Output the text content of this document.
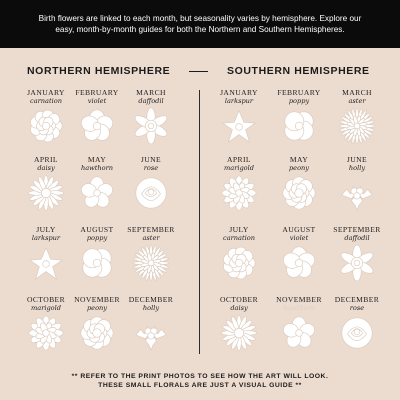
Birth flowers are linked to each month, but seasonality varies by hemisphere. Explore our easy, month-by-month guides for both the Northern and Southern Hemispheres.

NORTHERN HEMISPHERE	SOUTHERN HEMISPHERE
JANUARY
carnation
FEBRUARY
violet
MARCH
daffodil
APRIL
daisy
MAY
hawthorn
JUNE
rose
JULY
larkspur
AUGUST
poppy
SEPTEMBER
aster
OCTOBER
marigold
NOVEMBER
peony
DECEMBER
holly
JANUARY
larkspur
FEBRUARY
poppy
MARCH
aster
APRIL
marigold
MAY
peony
JUNE
holly
JULY
carnation
AUGUST
violet
SEPTEMBER
daffodil
OCTOBER
daisy
NOVEMBER
hawthorn
DECEMBER
rose
** REFER TO THE PRINT PHOTOS TO SEE HOW THE ART WILL LOOK.
THESE SMALL FLORALS ARE JUST A VISUAL GUIDE **
